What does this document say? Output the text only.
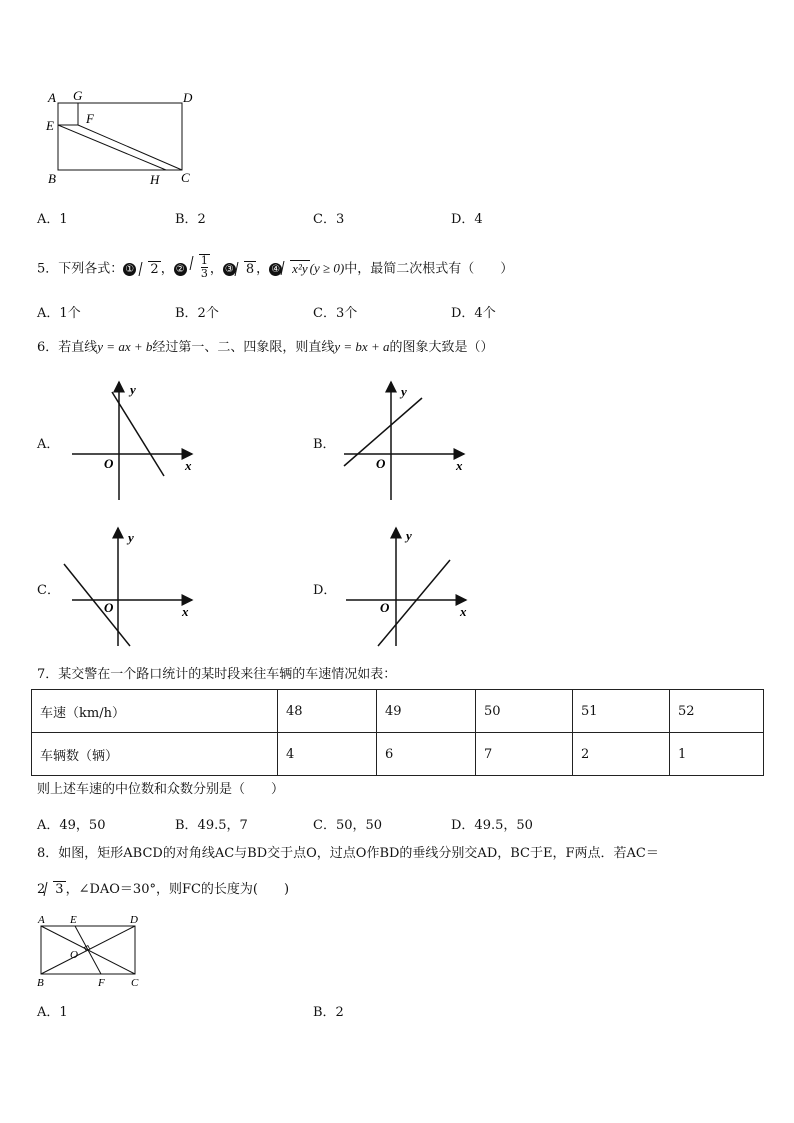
A G	D
E F
B	H C
A．1	B．2	C．3	D．4
5．下列各式： ① 2 ， ② $\frac{1}{3}$ ， ③ 8 ， ④ x²y (y ≥ 0)中，最简二次根式有（　　）
A．1个	B．2个	C．3个	D．4个
6．若直线y = ax + b经过第一、二、四象限，则直线y = bx + a的图象大致是（）
A．
y
x
O
B．
y
x
O
C．
y
x
O
D．
y
x
O
7．某交警在一个路口统计的某时段来往车辆的车速情况如表：
车速（km/h）	48	49	50	51	52
车辆数（辆）	4	6	7	2	1
则上述车速的中位数和众数分别是（　　）
A．49，50	B．49.5，7	C．50，50	D．49.5，50
8．如图，矩形ABCD的对角线AC与BD交于点O，过点O作BD的垂线分别交AD，BC于E，F两点．若AC＝
2 3 ，∠DAO＝30°，则FC的长度为(　　)
A E	D
O
B	F C
A．1	B．2
